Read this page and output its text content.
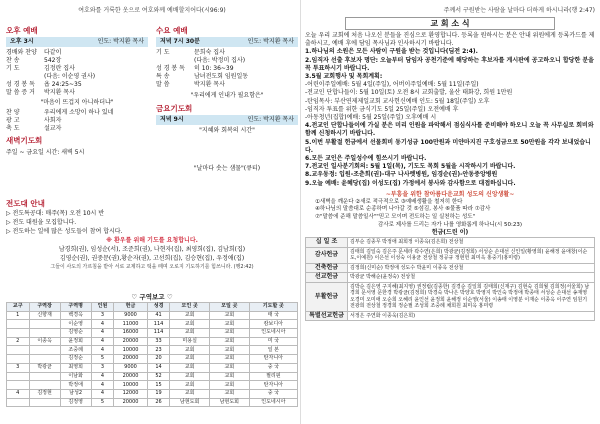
여호와를 거룩한 옷으로 여호와께 예배할지어다(시96:9)
오후 예배
오후 3시	인도: 박지환 목사
경배와 찬양	다같이
찬 송	542장
기 도	김정란 집사
(다음: 이순영 권사)
성 경 봉 독	욥 24:25~35
말 씀 증 거	박지환 목사
"마음이 뜨겁지 아니하더냐"
찬 양	우리에게 소망이 하나 있네
광 고	사회자
축 도	설교자
새벽기도회
주일 ~ 금요일 시간: 새벽 5시
수요 예배
저녁 7시 30분	인도: 박지환 목사
기 도	문희숙 집사
(다음: 박정미 집사)
성 경 봉 독	히 10: 36~39
특 송	남녀전도회 임원일동
말 씀	박지환 목사
"우리에게 인내가 필요함은"
금요기도회
저녁 9시	인도: 박지환 목사
"지혜와 회복의 시간"
"날마다 솟는 샘물"(큐티)
전도대 안내
▷ 전도특공대: 매주(목) 오전 10시 반
▷ 전도 대원을 모집합니다.
▷ 전도하는 일에 많은 성도들이 참여 합시다.
※ 환우를 위해 기도를 요청합니다.
남경희(권), 임성순(서), 조준희(권), 나현자(집), 최영희(집), 김남희(집)
김영순(권), 권중문(권),황순자(권), 고선희(집), 김승현(집), 우정애(집)
그들이 사도의 가르침을 받아 서로 교제하고 떡을 떼며 오로지 기도하기를 힘쓰니라. (행2:42)
♡ 구역보고 ♡
교구	구역장	구역명	인원	헌금	성경	모인 곳	모일 곳	기도할 곳
1	신향재	백경옥	3	9000	41	교회	교회	태 국
		이순영	4	11000	114	교회	교회	캄보디아
		김영순	4	16000	114	교회	교회	인도네시아
2	이종옥	윤정회	4	20000	33	미용실	교회	미 국
		조중례	4	10000	23	교회	교회	일 본
		김정순	5	20000	20	교회	교회	탄자니아
3	박광균	최영희	3	9000	14	교회	교회	중 국
		이남화	4	20000	52	교회	교회	필리핀
		박정애	4	10000	15	교회	교회	탄자니아
4	김정현	남성2	4	12000	19	교회	교회	중 국
		김정영	5	20000	26	남현도회	남현도회	인도네시아
주께서 구원받는 사람을 날마다 더하게 하시니라(행 2:47)
교 회 소 식

오늘 우리 교회에 처음 나오신 분들을 진심으로 환영합니다. 등록을 원하시는 분은 안내 위원에게 등록카드를 제출하시고, 예배 후에 담임 목사님과 인사하시기 바랍니다.

1.하나님의 소원은 모든 사람이 구원을 받는 것입니다(딤전 2:4).
2.임직자 선출 후보자 명단: 오늘부터 담임자 공천기준에 해당하는 후보자를 게시판에 공고하오니 합당한 분을 꼭 투표하시기 바랍니다.
3.5월 교회행사 및 목회계획:
-어린이주일예배: 5월 4일(주일), 어버이주일예배: 5월 11일(주일)
-전교인 단합나들이: 5월 10일(토) 오전 8시 교회출발, 울산 태화강, 희원 1만원
-탄임목사: 부산연제제일교회 교사헌신예배 인도: 5월 18일(주일) 오후
-임직자 투표를 위한 금식기도 5일 25일(주일) 오전예배 후
-아동청년(집합)예배: 5월 25일(주일) 오후예배 시
4.전교인 단합나들이에 가실 분은 미리 인원을 파악해서 점심식사를 준비해야 하오니 오늘 꼭 사무실로 회비와 함께 신청하시기 바랍니다.
5.이번 부활절 헌금에서 선물회비 동기성금 100만원과 미얀마지진 구호성금으로 50만원을 각각 보내었습니다.
6.모든 교인은 주일성수에 힘쓰시기 바랍니다.
7.전교인 일사분기회의: 5월 1일(목), 기도도 목회 5월을 시작하시기 바랍니다.
8.교우동정: 입원-조춘희(권)-대구 나사렛병원, 임경순(권)-안동중앙병원
9.오늘 예배: 윤혜당(집) 이성도(집) 가정에서 봉사와 감사함으로 대접하십니다.
~부흥을 위한 참아름다운교회 성도의 신앙생활~
①새벽을 깨운다 ②새로 적극적으로 ③예배생활을 철저히 한다
④하나님의 말씀대로 순종하며 나아갈 것 ⑤섬김, 봉사 ⑥물품 따라 ⑦감사
⑦"말씀에 준해 말씀일사""믿고 모이며 전도하는 일 실천하는 성도"
감사로 제사를 드리는 자가 나를 영화롭게 하나니(시 50:23)
헌금(드린 이)
십 일 조	김부순 김종무 박정애 최희정 이종옥(김은희) 전상철
감사헌금	김태희 김일숙 김은주 문세라 곽수연(은희) 박광균(김정희) 서성순 손대선 신인일(황영희) 윤해정 윤애창(이순도,이예원) 이은선 이성숙 이용균 전상철 정공규 정현헌 최미옥 홍중기(홍미령)
건축헌금	김정희(신미순) 박정애 성도수 박윤미 이종옥 전상철
선교헌금	박광균 박해순(윤정숙) 전상철
부활헌금	김박순 김은영 구지혜(최지영) 권정립(김종한) 김경순 김일희 김태희(신재구) 김현숙 김희월 김희정(서울희) 남경희 문서영 문한경 박광균(김정희) 박경숙 박나은 박양호 박영지 박인숙 박정애 박종태 서성순 손대선 송재영 오경미 오미애 오순희 오혜리 윤인선 윤정희 윤해정 이순영(서울) 이송태 이영분 이재순 이종옥 이주연 임원기 전광희 전상철 정경희 정순필 조성희 조중례 채희원 최미옥 홍미령
특별선교헌금	서정은 주연화 이종욱(김은희)
